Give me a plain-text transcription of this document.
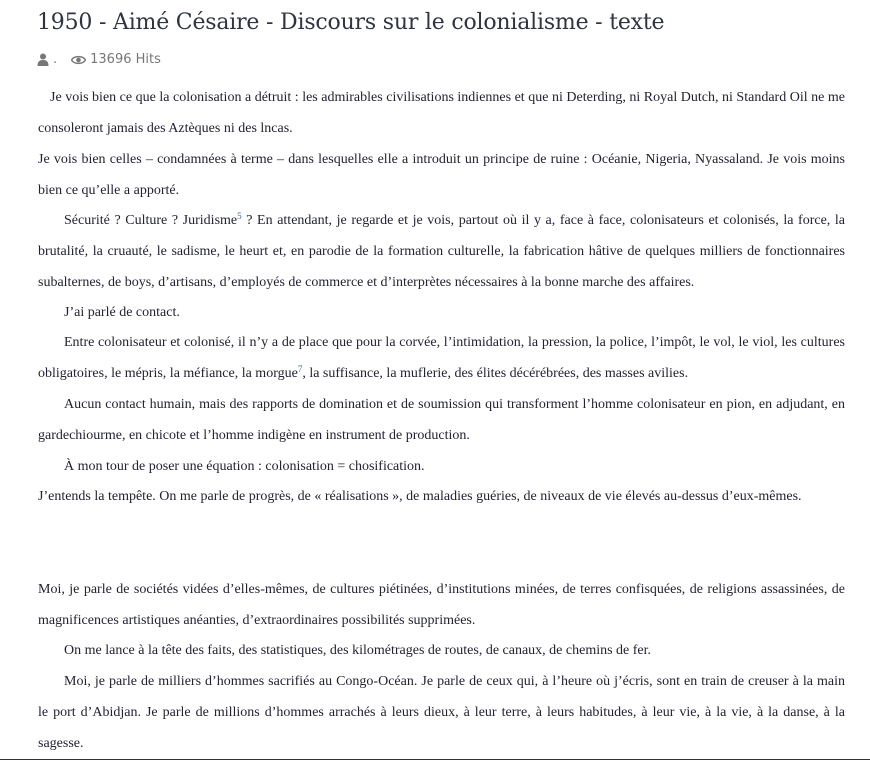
1950 - Aimé Césaire - Discours sur le colonialisme - texte
.	13696 Hits

Je vois bien ce que la colonisation a détruit : les admirables civilisations indiennes et que ni Deterding, ni Royal Dutch, ni Standard Oil ne me consoleront jamais des Aztèques ni des lncas.

Je vois bien celles – condamnées à terme – dans lesquelles elle a introduit un principe de ruine : Océanie, Nigeria, Nyassaland. Je vois moins bien ce qu’elle a apporté.

Sécurité ? Culture ? Juridisme$^5$ ? En attendant, je regarde et je vois, partout où il y a, face à face, colonisateurs et colonisés, la force, la brutalité, la cruauté, le sadisme, le heurt et, en parodie de la formation culturelle, la fabrication hâtive de quelques milliers de fonctionnaires subalternes, de boys, d’artisans, d’employés de commerce et d’interprètes nécessaires à la bonne marche des affaires.

J’ai parlé de contact.

Entre colonisateur et colonisé, il n’y a de place que pour la corvée, l’intimidation, la pression, la police, l’impôt, le vol, le viol, les cultures obligatoires, le mépris, la méfiance, la morgue$^7$, la suffisance, la muflerie, des élites décérébrées, des masses avilies.

Aucun contact humain, mais des rapports de domination et de soumission qui transforment l’homme colonisateur en pion, en adjudant, en gardechiourme, en chicote et l’homme indigène en instrument de production.

À mon tour de poser une équation : colonisation = chosification.

J’entends la tempête. On me parle de progrès, de « réalisations », de maladies guéries, de niveaux de vie élevés au-dessus d’eux-mêmes.

Moi, je parle de sociétés vidées d’elles-mêmes, de cultures piétinées, d’institutions minées, de terres confisquées, de religions assassinées, de magnificences artistiques anéanties, d’extraordinaires possibilités supprimées.

On me lance à la tête des faits, des statistiques, des kilométrages de routes, de canaux, de chemins de fer.

Moi, je parle de milliers d’hommes sacrifiés au Congo-Océan. Je parle de ceux qui, à l’heure où j’écris, sont en train de creuser à la main le port d’Abidjan. Je parle de millions d’hommes arrachés à leurs dieux, à leur terre, à leurs habitudes, à leur vie, à la vie, à la danse, à la sagesse.
